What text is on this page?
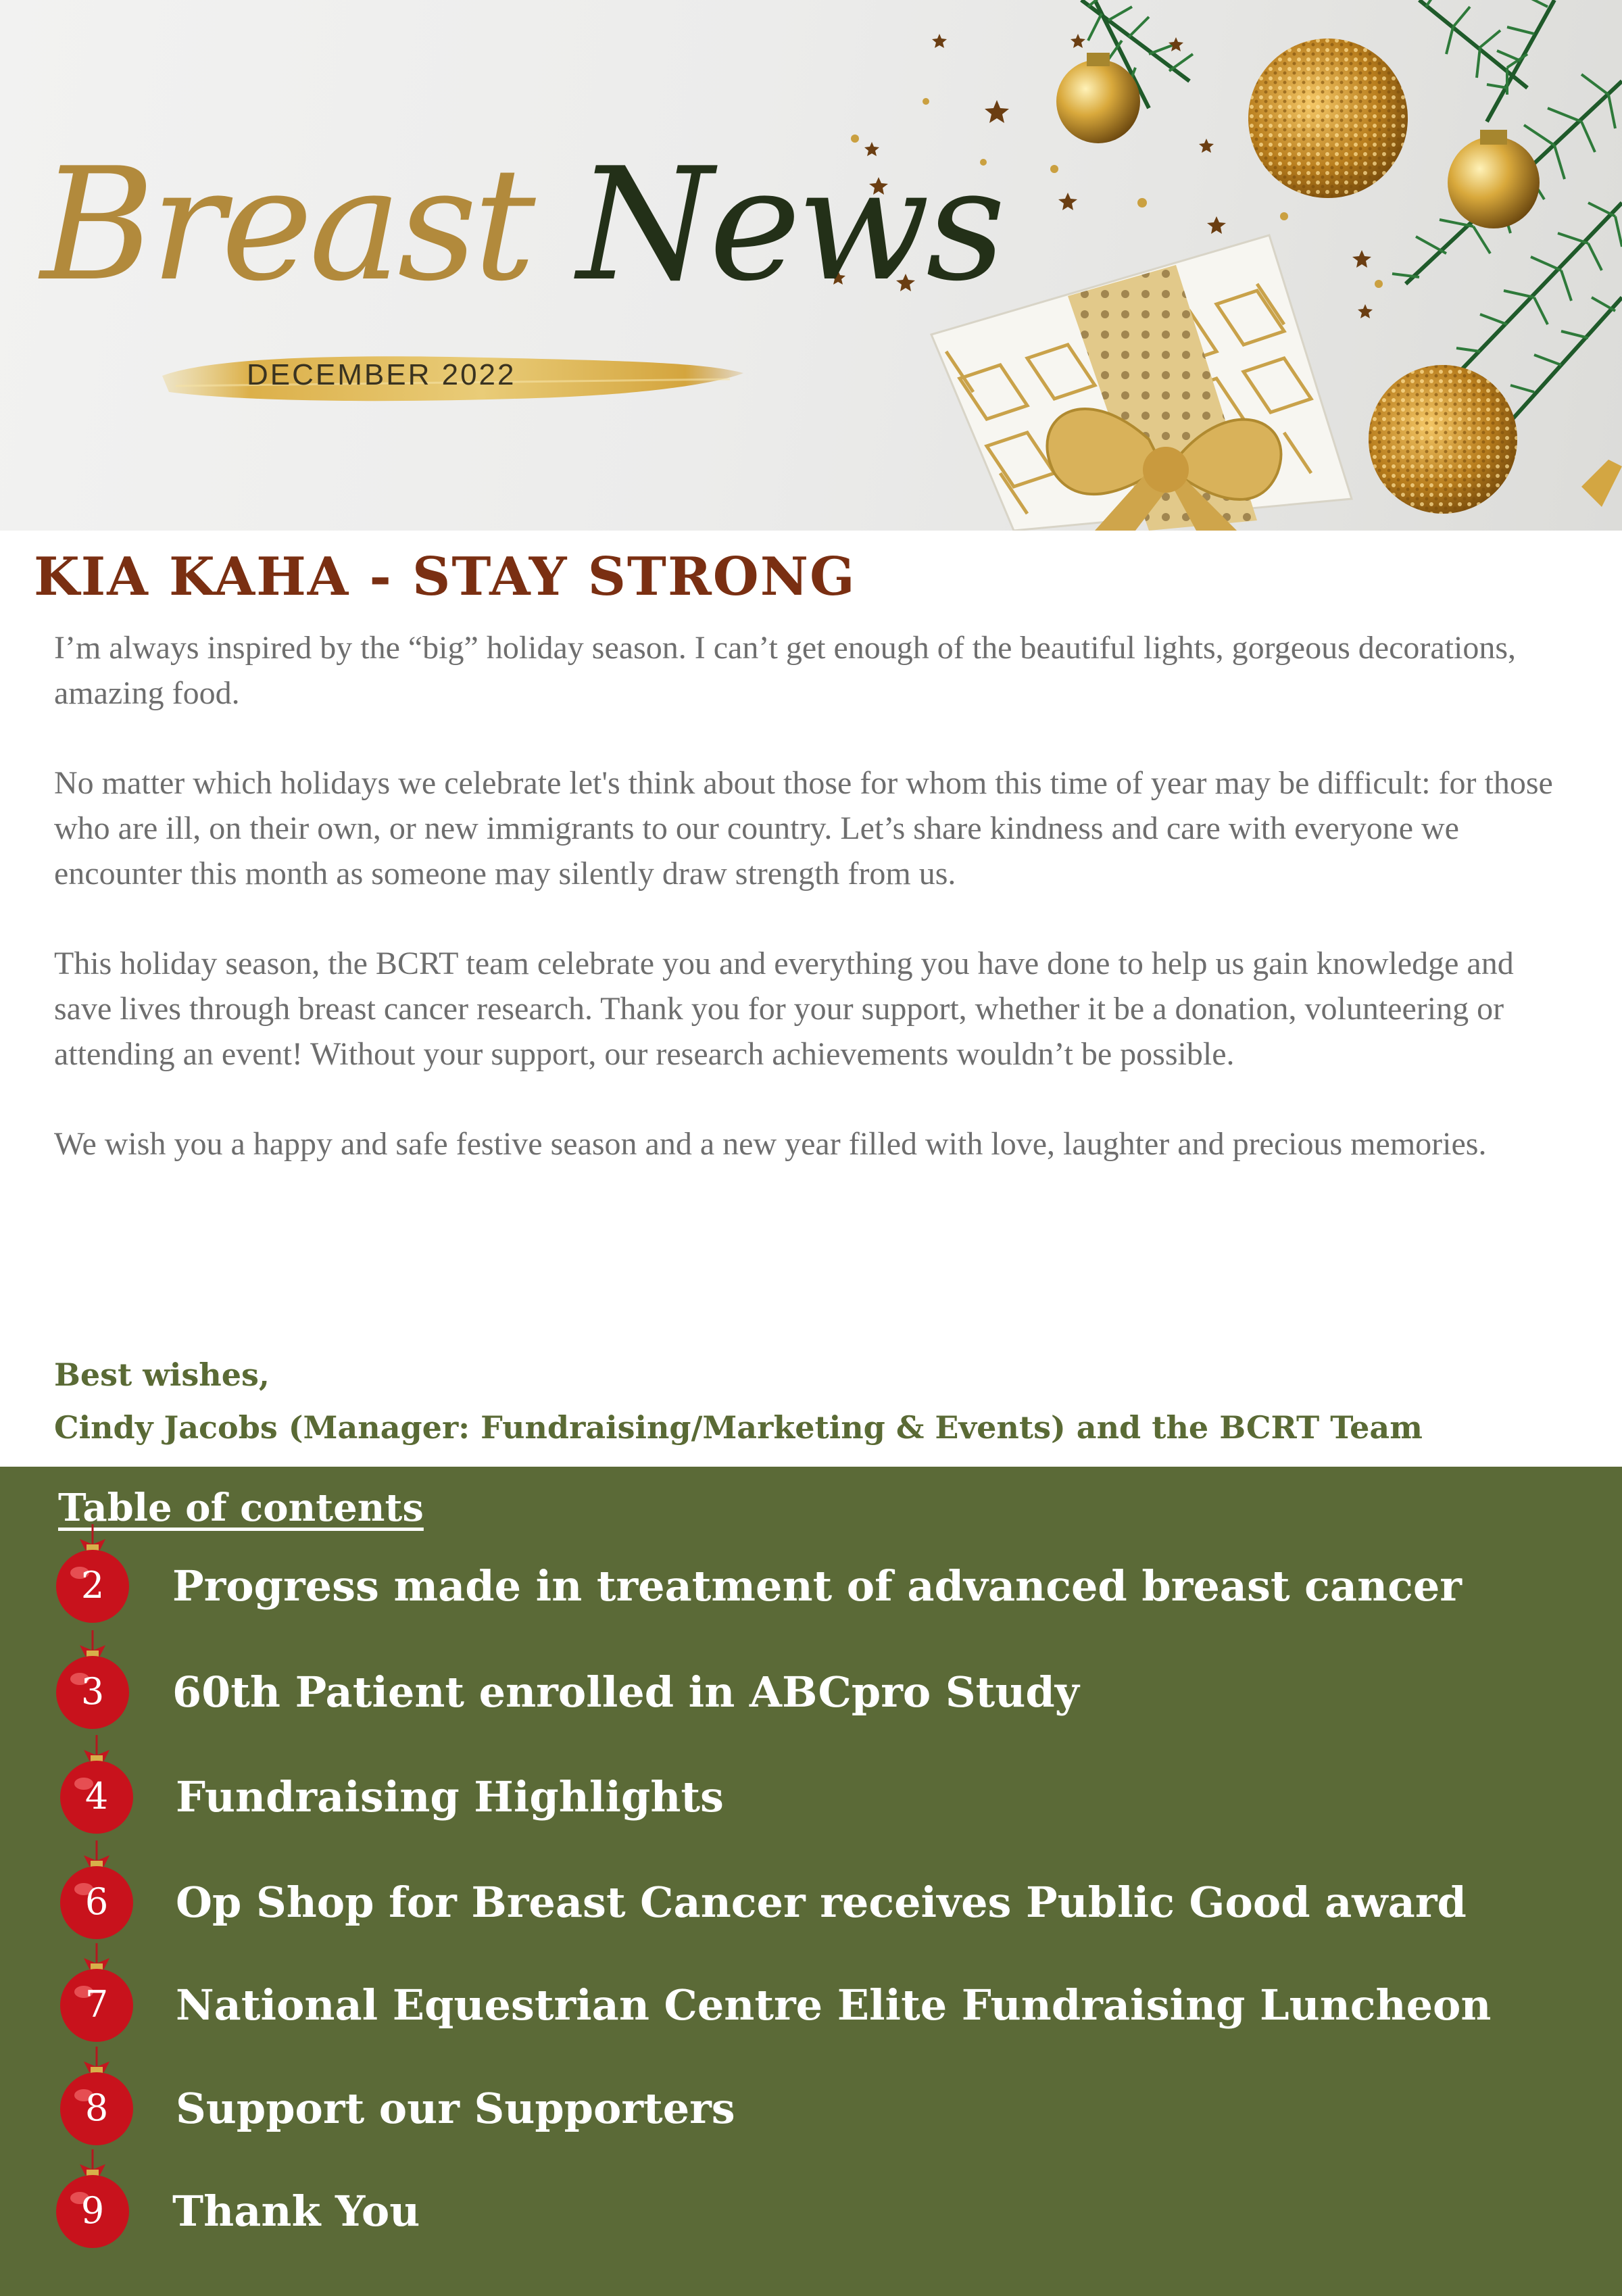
Breast News
DECEMBER 2022
KIA KAHA - STAY STRONG

I’m always inspired by the “big” holiday season. I can’t get enough of the beautiful lights, gorgeous decorations, amazing food.

No matter which holidays we celebrate let's think about those for whom this time of year may be difficult: for those who are ill, on their own, or new immigrants to our country. Let’s share kindness and care with everyone we encounter this month as someone may silently draw strength from us.

This holiday season, the BCRT team celebrate you and everything you have done to help us gain knowledge and save lives through breast cancer research. Thank you for your support, whether it be a donation, volunteering or attending an event! Without your support, our research achievements wouldn’t be possible.

We wish you a happy and safe festive season and a new year filled with love, laughter and precious memories.

Best wishes,
Cindy Jacobs (Manager: Fundraising/Marketing & Events) and the BCRT Team
Table of contents
2	Progress made in treatment of advanced breast cancer
3	60th Patient enrolled in ABCpro Study
4	Fundraising Highlights
6	Op Shop for Breast Cancer receives Public Good award
7	National Equestrian Centre Elite Fundraising Luncheon
8	Support our Supporters
9	Thank You
